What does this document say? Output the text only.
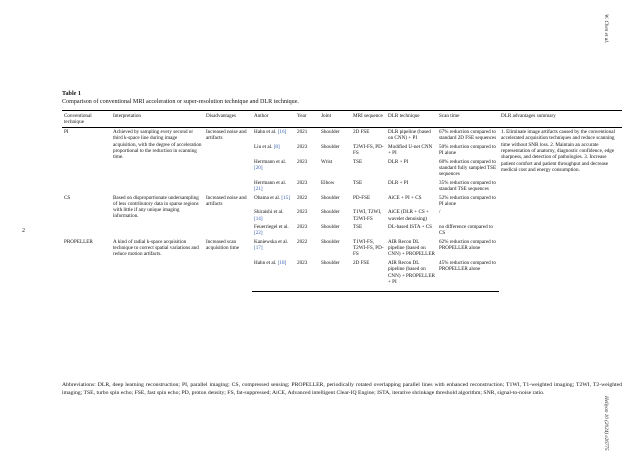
W. Chen et al.
2
Heliyon 10 (2024) e26775
Table 1
Comparison of conventional MRI acceleration or super-resolution technique and DLR technique.
Conventional technique	Interpretation	Disadvantages	Author	Year	Joint	MRI sequence	DLR technique	Scan time	DLR advantages summary
PI	Achieved by sampling every second or third k-space line during image acquisition, with the degree of acceleration proportional to the reduction in scanning time.	Increased noise and artifacts	Hahn et al. [16]	2021	Shoulder	2D FSE	DLR pipeline (based on CNN) + PI	67% reduction compared to standard 2D FSE sequences	1. Eliminate image artifacts caused by the conventional accelerated acquisition techniques and reduce scanning time without SNR loss. 2. Maintain an accurate representation of anatomy, diagnostic confidence, edge sharpness, and detection of pathologies. 3. Increase patient comfort and patient throughput and decrease medical cost and energy consumption.
			Liu et al. [8]	2023	Shoulder	T2WI-FS, PD-FS	Modified U-net CNN + PI	50% reduction compared to PI alone	
			Herrmann et al. [20]	2023	Wrist	TSE	DLR + PI	60% reduction compared to standard fully sampled TSE sequences	
			Herrmann et al. [21]	2023	Elbow	TSE	DLR + PI	35% reduction compared to standard TSE sequences	
CS	Based on disproportionate undersampling of less contributory data in sparse regions with little if any unique imaging information.	Increased noise and artifacts	Obama et al. [15]	2022	Shoulder	PD-FSE	AiCE + PI + CS	52% reduction compared to PI alone	
			Shiraishi et al. [14]	2023	Shoulder	T1WI, T2WI, T2WI-FS	AiCE (DLR + CS + wavelet denoising)	/	
			Feuerriegel et al. [22]	2023	Shoulder	TSE	DL-based ISTA + CS	no difference compared to CS	
PROPELLER	A kind of radial k-space acquisition technique to correct spatial variations and reduce motion artifacts.	Increased scan acquisition time	Kaniewska et al. [17]	2022	Shoulder	T1WI-FS, T2WI-FS, PD-FS	AIR Recon DL pipeline (based on CNN) + PROPELLER	62% reduction compared to PROPELLER alone	
			Hahn et al. [18]	2023	Shoulder	2D FSE	AIR Recon DL pipeline (based on CNN) + PROPELLER + PI	45% reduction compared to PROPELLER alone	
Abbreviations: DLR, deep learning reconstruction; PI, parallel imaging; CS, compressed sensing; PROPELLER, periodically rotated overlapping parallel lines with enhanced reconstruction; T1WI, T1-weighted imaging; T2WI, T2-weighted imaging; TSE, turbo spin echo; FSE, fast spin echo; PD, proton density; FS, fat-suppressed; AiCE, Advanced intelligent Clear-IQ Engine; ISTA, iterative shrinkage threshold algorithm; SNR, signal-to-noise ratio.
